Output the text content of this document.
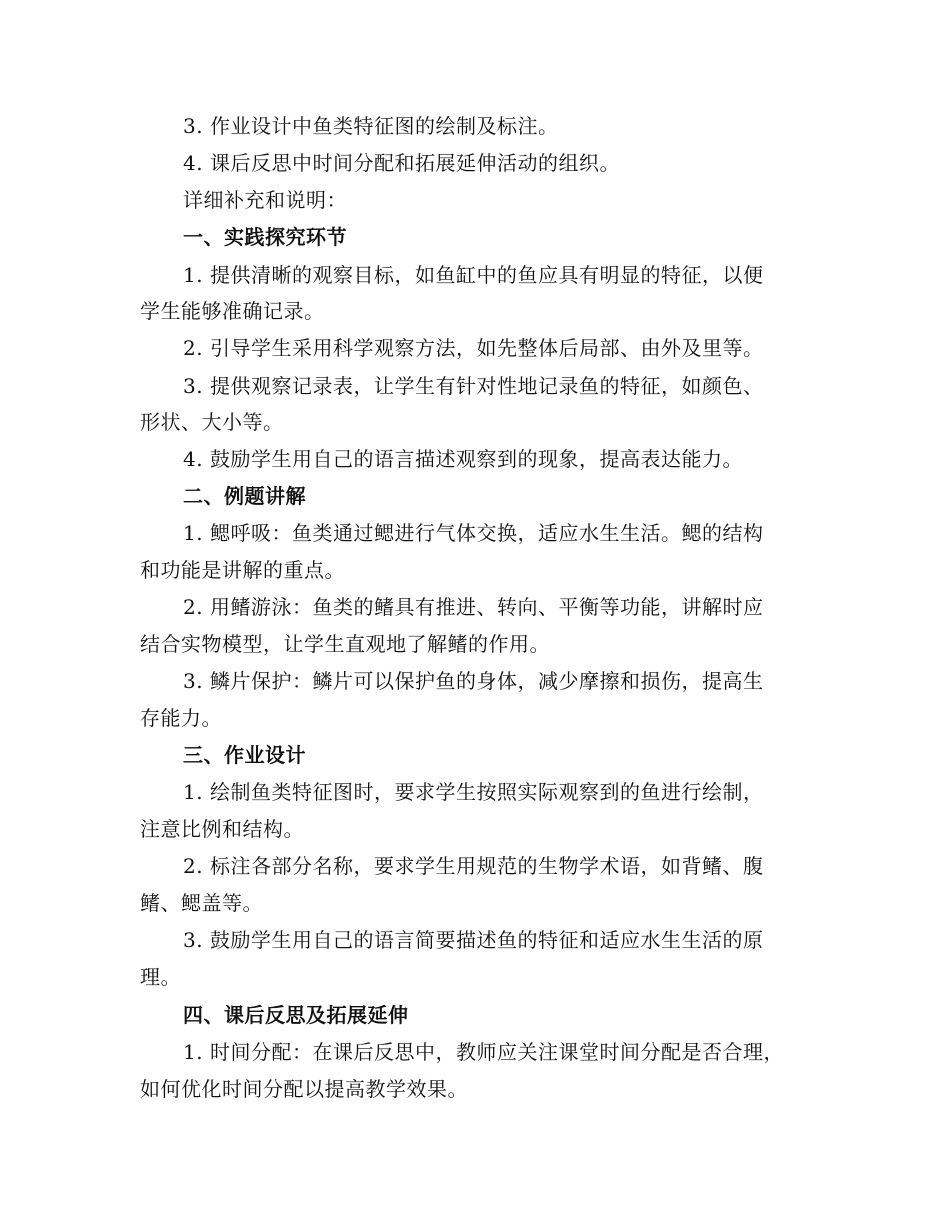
3. 作业设计中鱼类特征图的绘制及标注。
4. 课后反思中时间分配和拓展延伸活动的组织。
详细补充和说明：
一、实践探究环节
1. 提供清晰的观察目标，如鱼缸中的鱼应具有明显的特征，以便
学生能够准确记录。
2. 引导学生采用科学观察方法，如先整体后局部、由外及里等。
3. 提供观察记录表，让学生有针对性地记录鱼的特征，如颜色、
形状、大小等。
4. 鼓励学生用自己的语言描述观察到的现象，提高表达能力。
二、例题讲解
1. 鳃呼吸：鱼类通过鳃进行气体交换，适应水生生活。鳃的结构
和功能是讲解的重点。
2. 用鳍游泳：鱼类的鳍具有推进、转向、平衡等功能，讲解时应
结合实物模型，让学生直观地了解鳍的作用。
3. 鳞片保护：鳞片可以保护鱼的身体，减少摩擦和损伤，提高生
存能力。
三、作业设计
1. 绘制鱼类特征图时，要求学生按照实际观察到的鱼进行绘制，
注意比例和结构。
2. 标注各部分名称，要求学生用规范的生物学术语，如背鳍、腹
鳍、鳃盖等。
3. 鼓励学生用自己的语言简要描述鱼的特征和适应水生生活的原
理。
四、课后反思及拓展延伸
1. 时间分配：在课后反思中，教师应关注课堂时间分配是否合理，
如何优化时间分配以提高教学效果。
